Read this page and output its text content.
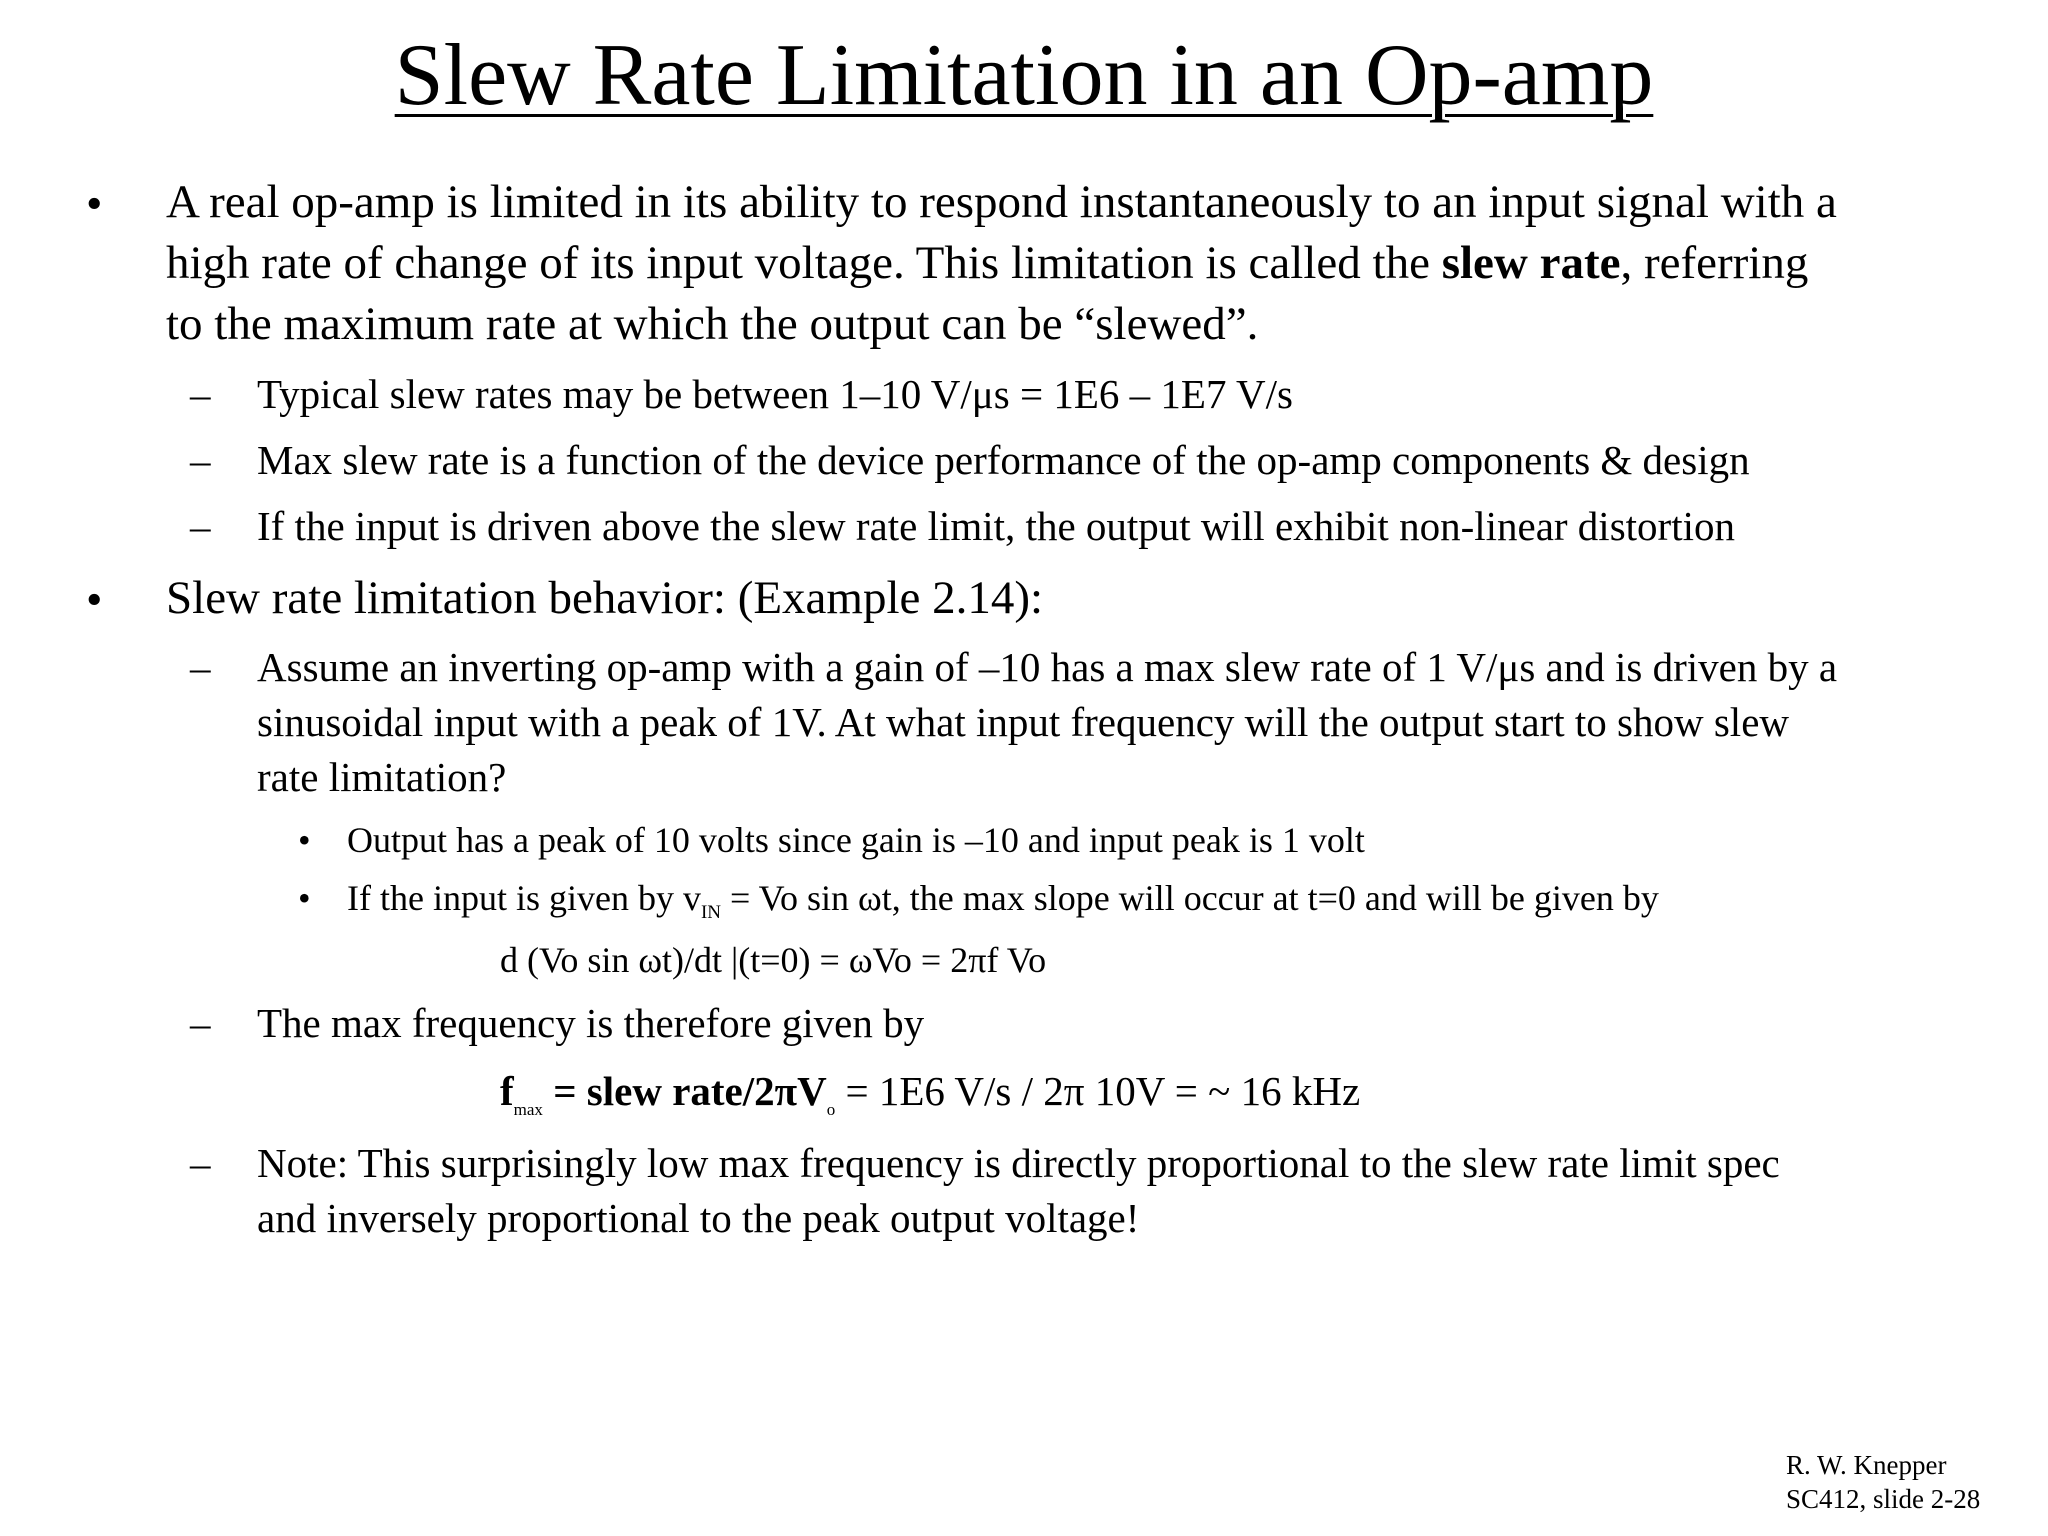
Slew Rate Limitation in an Op-amp
• A real op-amp is limited in its ability to respond instantaneously to an input signal with a
high rate of change of its input voltage. This limitation is called the slew rate, referring
to the maximum rate at which the output can be “slewed”.
– Typical slew rates may be between 1–10 V/μs = 1E6 – 1E7 V/s
– Max slew rate is a function of the device performance of the op-amp components & design
– If the input is driven above the slew rate limit, the output will exhibit non-linear distortion
• Slew rate limitation behavior: (Example 2.14):
– Assume an inverting op-amp with a gain of –10 has a max slew rate of 1 V/μs and is driven by a
sinusoidal input with a peak of 1V. At what input frequency will the output start to show slew
rate limitation?
• Output has a peak of 10 volts since gain is –10 and input peak is 1 volt
• If the input is given by $v_{IN} = Vo$ sin ωt, the max slope will occur at t=0 and will be given by
d (Vo sin ωt)/dt |(t=0) = ωVo = 2πf Vo
– The max frequency is therefore given by
$f_{max}$ = slew rate/$2\pi V_o = 1E6$ V/s / 2π 10V = ~ 16 kHz
– Note: This surprisingly low max frequency is directly proportional to the slew rate limit spec
and inversely proportional to the peak output voltage!
R. W. Knepper
SC412, slide 2-28
